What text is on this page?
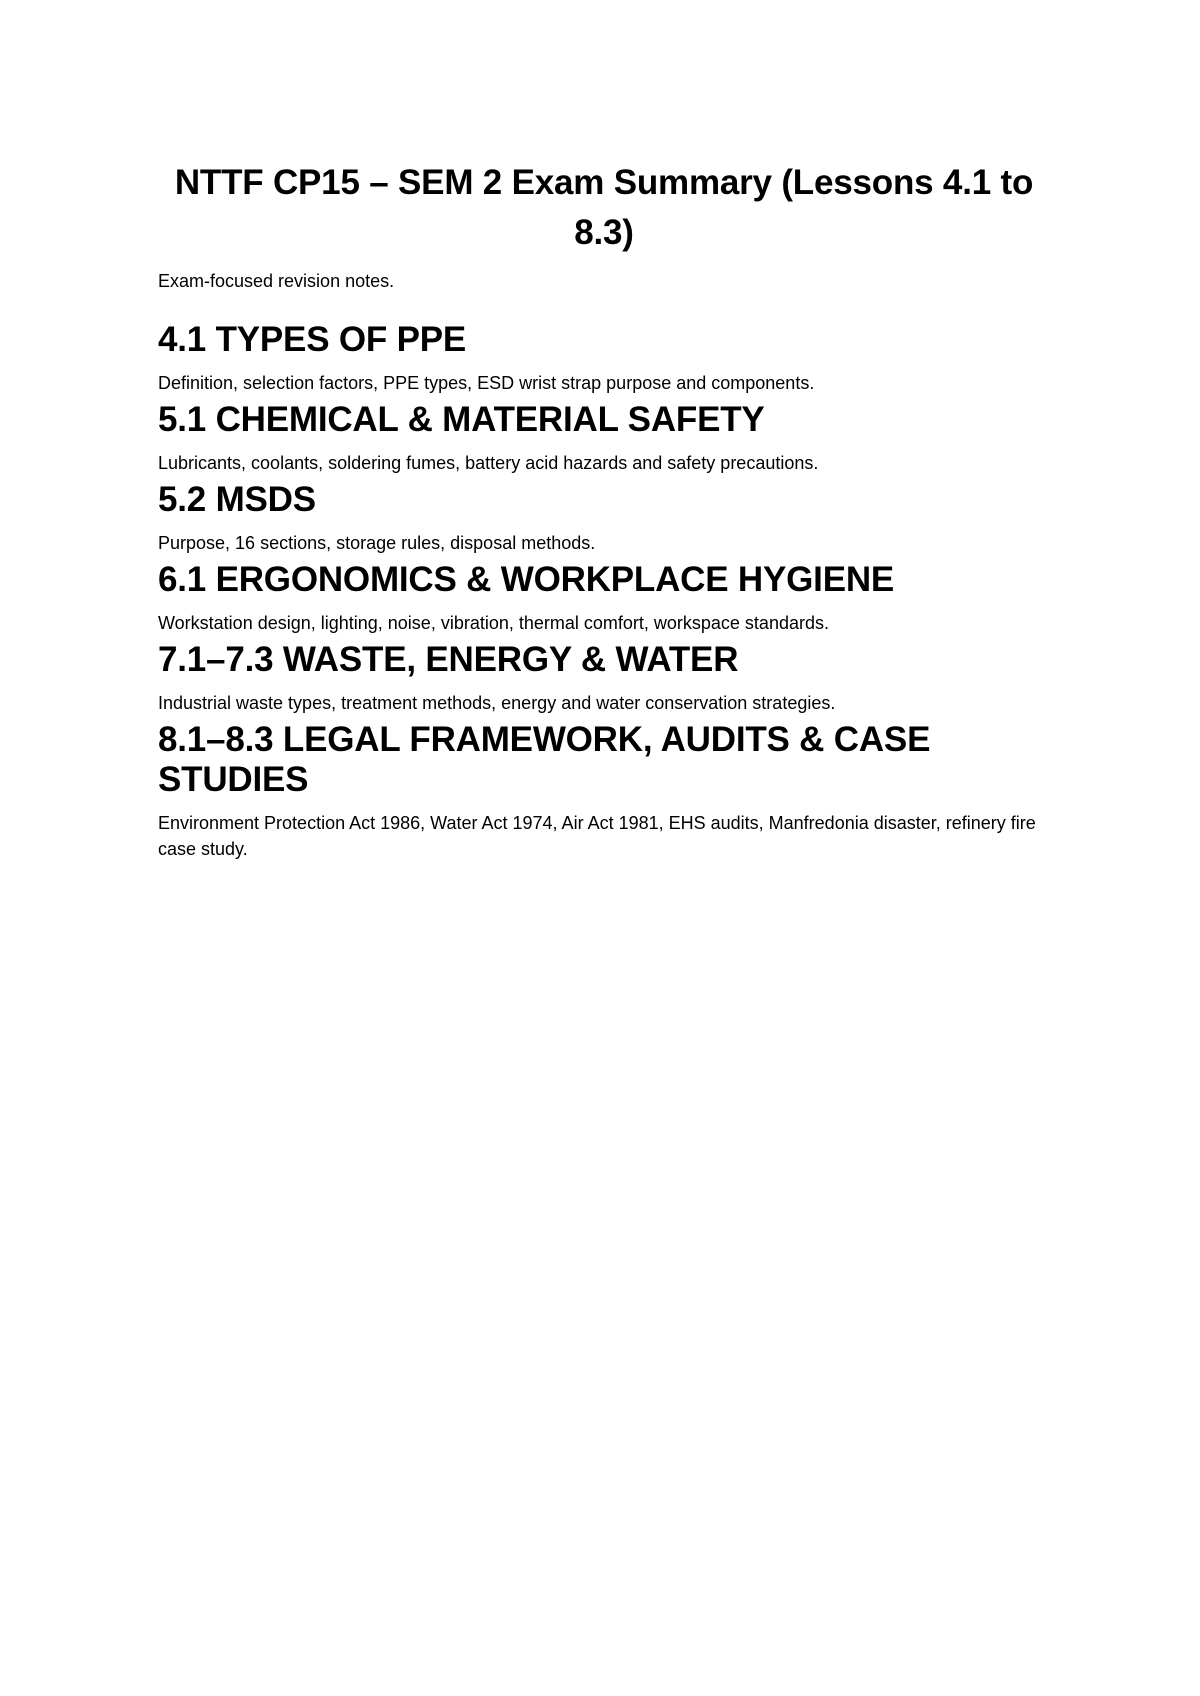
NTTF CP15 – SEM 2 Exam Summary (Lessons 4.1 to 8.3)

Exam-focused revision notes.

4.1 TYPES OF PPE

Definition, selection factors, PPE types, ESD wrist strap purpose and components.

5.1 CHEMICAL & MATERIAL SAFETY

Lubricants, coolants, soldering fumes, battery acid hazards and safety precautions.

5.2 MSDS

Purpose, 16 sections, storage rules, disposal methods.

6.1 ERGONOMICS & WORKPLACE HYGIENE

Workstation design, lighting, noise, vibration, thermal comfort, workspace standards.

7.1–7.3 WASTE, ENERGY & WATER

Industrial waste types, treatment methods, energy and water conservation strategies.

8.1–8.3 LEGAL FRAMEWORK, AUDITS & CASE STUDIES

Environment Protection Act 1986, Water Act 1974, Air Act 1981, EHS audits, Manfredonia disaster, refinery fire case study.
